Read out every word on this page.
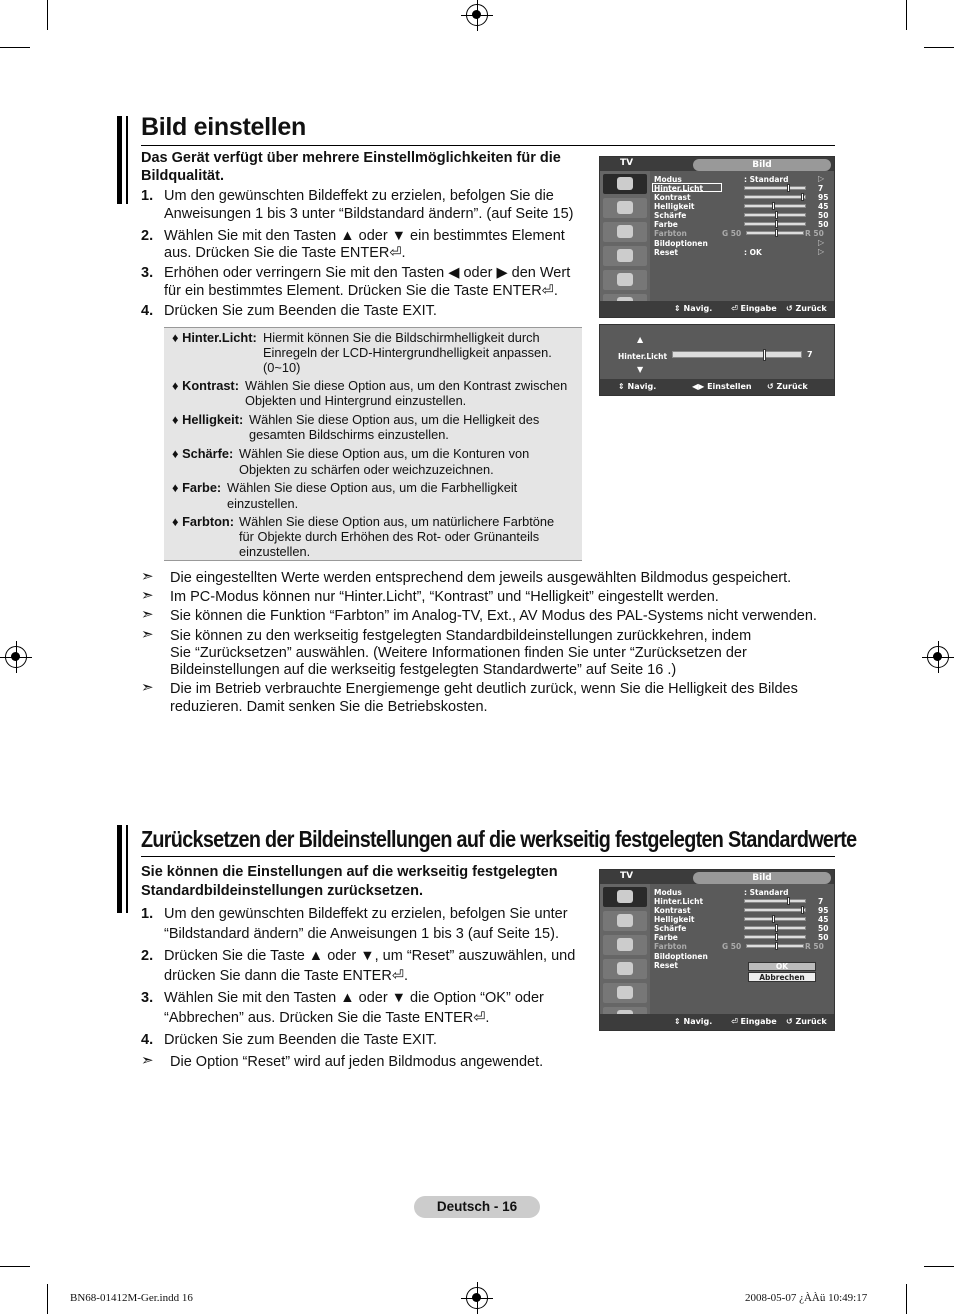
Bild einstellen
Das Gerät verfügt über mehrere Einstellmöglichkeiten für die Bildqualität.
1. Um den gewünschten Bildeffekt zu erzielen, befolgen Sie die
Anweisungen 1 bis 3 unter “Bildstandard ändern”. (auf Seite 15)
2. Wählen Sie mit den Tasten ▲ oder ▼ ein bestimmtes Element
aus. Drücken Sie die Taste ENTER⏎.
3. Erhöhen oder verringern Sie mit den Tasten ◀ oder ▶ den Wert
für ein bestimmtes Element. Drücken Sie die Taste ENTER⏎.
4. Drücken Sie zum Beenden die Taste EXIT.
♦ Hinter.Licht: Hiermit können Sie die Bildschirmhelligkeit durch
Einregeln der LCD-Hintergrundhelligkeit anpassen.
(0~10)
♦ Kontrast: Wählen Sie diese Option aus, um den Kontrast zwischen
Objekten und Hintergrund einzustellen.
♦ Helligkeit: Wählen Sie diese Option aus, um die Helligkeit des
gesamten Bildschirms einzustellen.
♦ Schärfe: Wählen Sie diese Option aus, um die Konturen von
Objekten zu schärfen oder weichzuzeichnen.
♦ Farbe: Wählen Sie diese Option aus, um die Farbhelligkeit
einzustellen.
♦ Farbton: Wählen Sie diese Option aus, um natürlichere Farbtöne
für Objekte durch Erhöhen des Rot- oder Grünanteils
einzustellen.
➣ Die eingestellten Werte werden entsprechend dem jeweils ausgewählten Bildmodus gespeichert.
➣ Im PC-Modus können nur “Hinter.Licht”, “Kontrast” und “Helligkeit” eingestellt werden.
➣ Sie können die Funktion “Farbton” im Analog-TV, Ext., AV Modus des PAL-Systems nicht verwenden.
➣ Sie können zu den werkseitig festgelegten Standardbildeinstellungen zurückkehren, indem
Sie “Zurücksetzen” auswählen. (Weitere Informationen finden Sie unter “Zurücksetzen der
Bildeinstellungen auf die werkseitig festgelegten Standardwerte” auf Seite 16 .)
➣ Die im Betrieb verbrauchte Energiemenge geht deutlich zurück, wenn Sie die Helligkeit des Bildes
reduzieren. Damit senken Sie die Betriebskosten.
TV	Bild
Modus	: Standard	▷
Hinter.Licht	7
Kontrast	95
Helligkeit	45
Schärfe	50
Farbe	50
Farbton	G 50	R 50
Bildoptionen	▷
Reset	: OK	▷
⇕ Navig. ⏎ Eingabe ↺ Zurück
▲
Hinter.Licht	7
▼
⇕ Navig.	◀▶ Einstellen ↺ Zurück
Zurücksetzen der Bildeinstellungen auf die werkseitig festgelegten Standardwerte
Sie können die Einstellungen auf die werkseitig festgelegten
Standardbildeinstellungen zurücksetzen.
1. Um den gewünschten Bildeffekt zu erzielen, befolgen Sie unter
“Bildstandard ändern” die Anweisungen 1 bis 3 (auf Seite 15).
2. Drücken Sie die Taste ▲ oder ▼, um “Reset” auszuwählen, und
drücken Sie dann die Taste ENTER⏎.
3. Wählen Sie mit den Tasten ▲ oder ▼ die Option “OK” oder
“Abbrechen” aus. Drücken Sie die Taste ENTER⏎.
4. Drücken Sie zum Beenden die Taste EXIT.
➣ Die Option “Reset” wird auf jeden Bildmodus angewendet.
TV	Bild
Modus	: Standard
Hinter.Licht	7
Kontrast	95
Helligkeit	45
Schärfe	50
Farbe	50
Farbton	G 50	R 50
Bildoptionen
Reset	OK
Abbrechen
⇕ Navig. ⏎ Eingabe ↺ Zurück
Deutsch - 16
BN68-01412M-Ger.indd 16	2008-05-07 ¿ÀÀü 10:49:17
